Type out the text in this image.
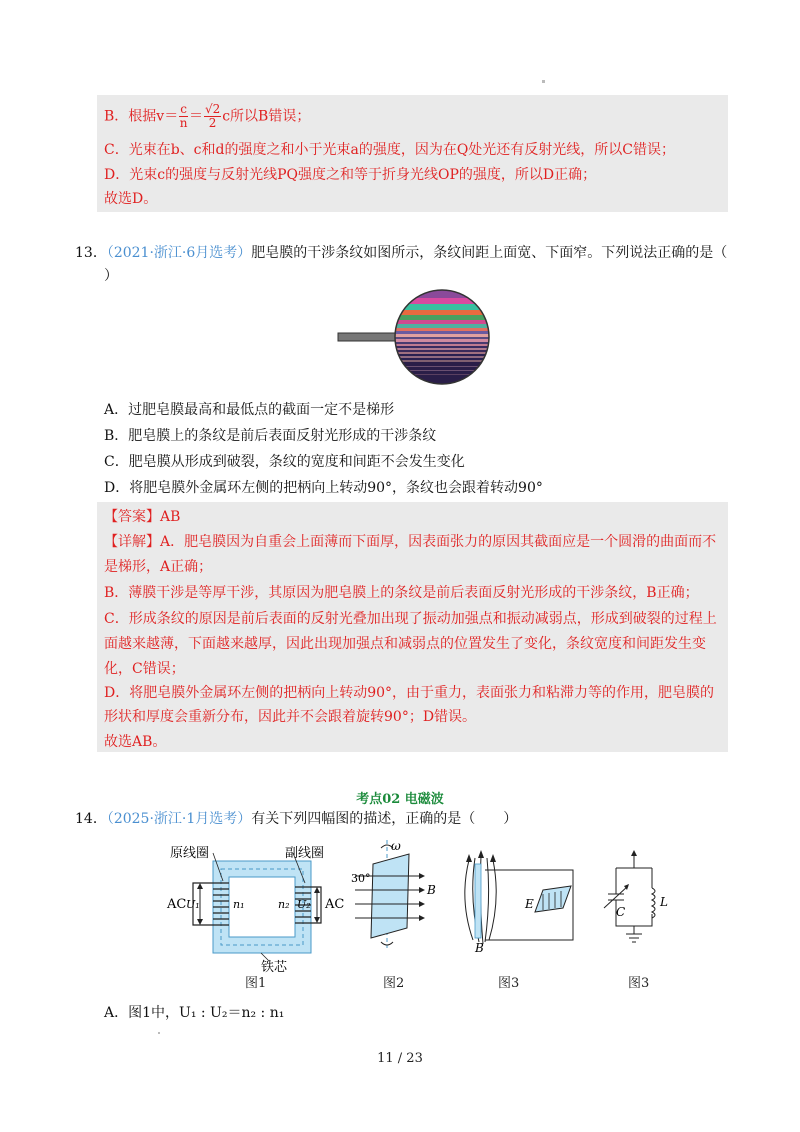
B．根据$v= \frac{c}{n} = \frac{√2}{2}$ c所以B错误；
C．光束在b、c和d的强度之和小于光束a的强度，因为在Q处光还有反射光线，所以C错误；
D．光束c的强度与反射光线PQ强度之和等于折身光线OP的强度，所以D正确；
故选D。
13．（2021·浙江·6月选考）肥皂膜的干涉条纹如图所示，条纹间距上面宽、下面窄。下列说法正确的是（
）
A．过肥皂膜最高和最低点的截面一定不是梯形
B．肥皂膜上的条纹是前后表面反射光形成的干涉条纹
C．肥皂膜从形成到破裂，条纹的宽度和间距不会发生变化
D．将肥皂膜外金属环左侧的把柄向上转动90°，条纹也会跟着转动90°
【答案】AB
【详解】A．肥皂膜因为自重会上面薄而下面厚，因表面张力的原因其截面应是一个圆滑的曲面而不
是梯形，A正确；
B．薄膜干涉是等厚干涉，其原因为肥皂膜上的条纹是前后表面反射光形成的干涉条纹，B正确；
C．形成条纹的原因是前后表面的反射光叠加出现了振动加强点和振动减弱点，形成到破裂的过程上
面越来越薄，下面越来越厚，因此出现加强点和减弱点的位置发生了变化，条纹宽度和间距发生变
化，C错误；
D．将肥皂膜外金属环左侧的把柄向上转动90°，由于重力，表面张力和粘滞力等的作用，肥皂膜的
形状和厚度会重新分布，因此并不会跟着旋转90°；D错误。
故选AB。
考点02 电磁波
14．（2025·浙江·1月选考）有关下列四幅图的描述，正确的是（　　）
原线圈	副线圈
铁芯
AC	AC
U₁	U₂
n₁	n₂
ω
30°
B
E
B
C
L
图1	图2	图3	图3
A．图1中，U₁ : U₂＝n₂ : n₁
11 / 23
